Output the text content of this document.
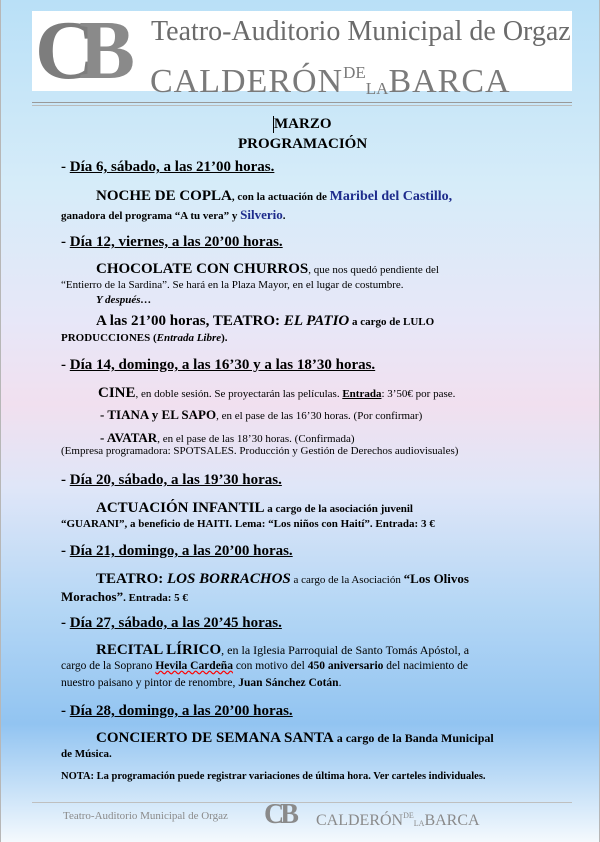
C
B Teatro-Auditorio Municipal de Orgaz
$CALDERÓN^{DE}LABARCA$
MARZO
PROGRAMACIÓN
- Día 6, sábado, a las 21’00 horas.
NOCHE DE COPLA, con la actuación de Maribel del Castillo,
ganadora del programa “A tu vera” y Silverio.
- Día 12, viernes, a las 20’00 horas.
CHOCOLATE CON CHURROS, que nos quedó pendiente del
“Entierro de la Sardina”. Se hará en la Plaza Mayor, en el lugar de costumbre.
Y después…
A las 21’00 horas, TEATRO: EL PATIO a cargo de LULO
PRODUCCIONES (Entrada Libre).
- Día 14, domingo, a las 16’30 y a las 18’30 horas.
CINE, en doble sesión. Se proyectarán las películas. Entrada: 3’50€ por pase.
- TIANA y EL SAPO, en el pase de las 16’30 horas. (Por confirmar)
- AVATAR, en el pase de las 18’30 horas. (Confirmada)
(Empresa programadora: SPOTSALES. Producción y Gestión de Derechos audiovisuales)
- Día 20, sábado, a las 19’30 horas.
ACTUACIÓN INFANTIL a cargo de la asociación juvenil
“GUARANI”, a beneficio de HAITI. Lema: “Los niños con Haití”. Entrada: 3 €
- Día 21, domingo, a las 20’00 horas.
TEATRO: LOS BORRACHOS a cargo de la Asociación “Los Olivos
Morachos”. Entrada: 5 €
- Día 27, sábado, a las 20’45 horas.
RECITAL LÍRICO, en la Iglesia Parroquial de Santo Tomás Apóstol, a
cargo de la Soprano Hevila Cardeña con motivo del 450 aniversario del nacimiento de
nuestro paisano y pintor de renombre, Juan Sánchez Cotán.
- Día 28, domingo, a las 20’00 horas.
CONCIERTO DE SEMANA SANTA a cargo de la Banda Municipal
de Música.
NOTA: La programación puede registrar variaciones de última hora. Ver carteles individuales.
Teatro-Auditorio Municipal de Orgaz CB $CALDERÓN^{DE}LABARCA$
